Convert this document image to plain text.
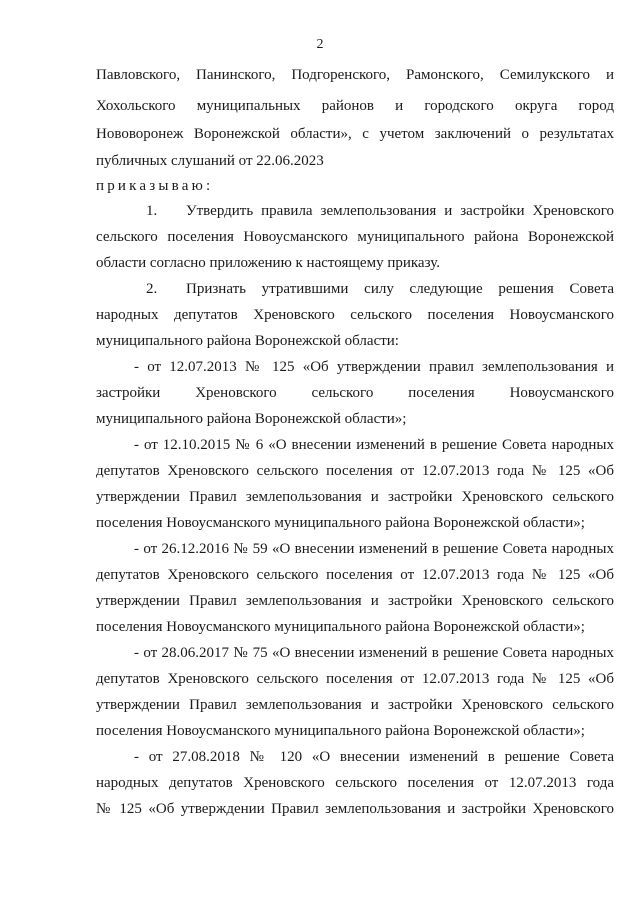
2
Павловского, Панинского, Подгоренского, Рамонского, Семилукского и
Хохольского муниципальных районов и городского округа город
Нововоронеж Воронежской области», с учетом заключений о результатах
публичных слушаний от 22.06.2023
приказываю:
1. Утвердить правила землепользования и застройки Хреновского
сельского поселения Новоусманского муниципального района Воронежской
области согласно приложению к настоящему приказу.
2. Признать утратившими силу следующие решения Совета
народных депутатов Хреновского сельского поселения Новоусманского
муниципального района Воронежской области:
- от 12.07.2013 № 125 «Об утверждении правил землепользования и
застройки Хреновского сельского поселения Новоусманского
муниципального района Воронежской области»;
- от 12.10.2015 № 6 «О внесении изменений в решение Совета народных
депутатов Хреновского сельского поселения от 12.07.2013 года № 125 «Об
утверждении Правил землепользования и застройки Хреновского сельского
поселения Новоусманского муниципального района Воронежской области»;
- от 26.12.2016 № 59 «О внесении изменений в решение Совета народных
депутатов Хреновского сельского поселения от 12.07.2013 года № 125 «Об
утверждении Правил землепользования и застройки Хреновского сельского
поселения Новоусманского муниципального района Воронежской области»;
- от 28.06.2017 № 75 «О внесении изменений в решение Совета народных
депутатов Хреновского сельского поселения от 12.07.2013 года № 125 «Об
утверждении Правил землепользования и застройки Хреновского сельского
поселения Новоусманского муниципального района Воронежской области»;
- от 27.08.2018 № 120 «О внесении изменений в решение Совета
народных депутатов Хреновского сельского поселения от 12.07.2013 года
№ 125 «Об утверждении Правил землепользования и застройки Хреновского
